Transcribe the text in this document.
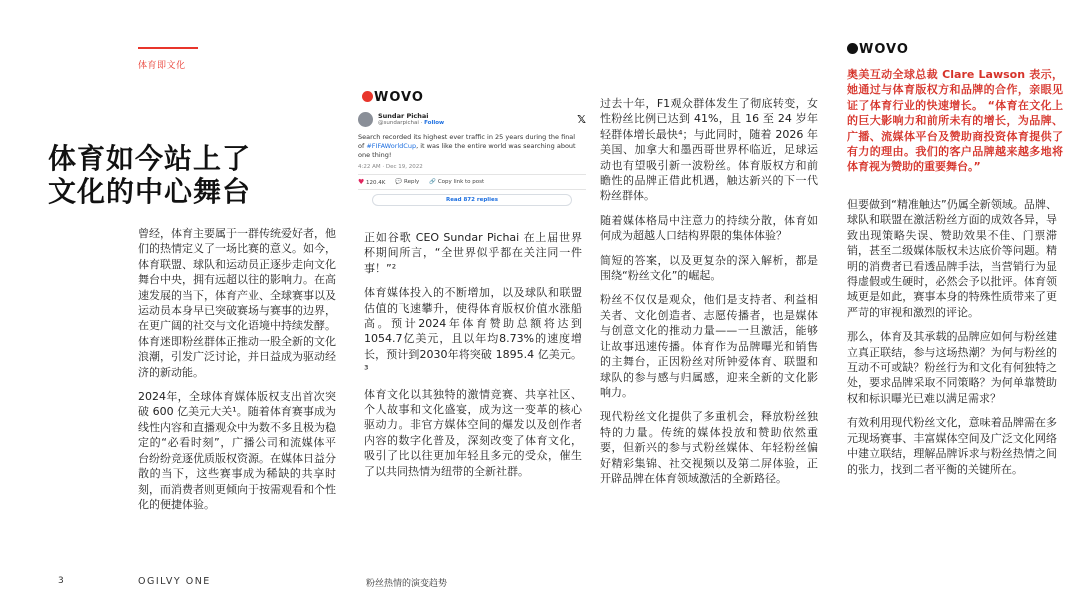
体育即文化
体育如今站上了
文化的中心舞台

曾经，体育主要属于一群传统爱好者，他们的热情定义了一场比赛的意义。如今，体育联盟、球队和运动员正逐步走向文化舞台中央，拥有远超以往的影响力。在高速发展的当下，体育产业、全球赛事以及运动员本身早已突破赛场与赛事的边界，在更广阔的社交与文化语境中持续发酵。体育迷即粉丝群体正推动一股全新的文化浪潮，引发广泛讨论，并日益成为驱动经济的新动能。

2024年，全球体育媒体版权支出首次突破 600 亿美元大关¹。随着体育赛事成为线性内容和直播观众中为数不多且极为稳定的“必看时刻”，广播公司和流媒体平台纷纷竞逐优质版权资源。在媒体日益分散的当下，这些赛事成为稀缺的共享时刻，而消费者则更倾向于按需观看和个性化的便捷体验。

WOVO
Sundar Pichai
@sundarpichai · Follow	𝕏
Search recorded its highest ever traffic in 25 years during the final of #FIFAWorldCup, it was like the entire world was searching about one thing!
4:22 AM · Dec 19, 2022
♥ 120.4K 💬 Reply 🔗 Copy link to post
Read 872 replies

正如谷歌 CEO Sundar Pichai 在上届世界杯期间所言，“全世界似乎都在关注同一件事！”²

体育媒体投入的不断增加，以及球队和联盟估值的飞速攀升，使得体育版权价值水涨船高。预计2024年体育赞助总额将达到1054.7亿美元，且以年均8.73%的速度增长，预计到2030年将突破 1895.4 亿美元。³

体育文化以其独特的激情竞赛、共享社区、个人故事和文化盛宴，成为这一变革的核心驱动力。非官方媒体空间的爆发以及创作者内容的数字化普及，深刻改变了体育文化，吸引了比以往更加年轻且多元的受众，催生了以共同热情为纽带的全新社群。

过去十年，F1观众群体发生了彻底转变，女性粉丝比例已达到 41%，且 16 至 24 岁年轻群体增长最快⁴；与此同时，随着 2026 年美国、加拿大和墨西哥世界杯临近，足球运动也有望吸引新一波粉丝。体育版权方和前瞻性的品牌正借此机遇，触达新兴的下一代粉丝群体。

随着媒体格局中注意力的持续分散，体育如何成为超越人口结构界限的集体体验？

简短的答案，以及更复杂的深入解析，都是围绕“粉丝文化”的崛起。

粉丝不仅仅是观众，他们是支持者、利益相关者、文化创造者、志愿传播者，也是媒体与创意文化的推动力量——一旦激活，能够让故事迅速传播。体育作为品牌曝光和销售的主舞台，正因粉丝对所钟爱体育、联盟和球队的参与感与归属感，迎来全新的文化影响力。

现代粉丝文化提供了多重机会，释放粉丝独特的力量。传统的媒体投放和赞助依然重要，但新兴的参与式粉丝媒体、年轻粉丝偏好精彩集锦、社交视频以及第二屏体验，正开辟品牌在体育领域激活的全新路径。

WOVO
奥美互动全球总裁 Clare Lawson 表示，她通过与体育版权方和品牌的合作，亲眼见证了体育行业的快速增长。 “体育在文化上的巨大影响力和前所未有的增长，为品牌、广播、流媒体平台及赞助商投资体育提供了有力的理由。我们的客户品牌越来越多地将体育视为赞助的重要舞台。”

但要做到“精准触达”仍属全新领域。品牌、球队和联盟在激活粉丝方面的成效各异，导致出现策略失误、赞助效果不佳、门票滞销，甚至二级媒体版权未达底价等问题。精明的消费者已看透品牌手法，当营销行为显得虚假或生硬时，必然会予以批评。体育领域更是如此，赛事本身的特殊性质带来了更严苛的审视和激烈的评论。

那么，体育及其承载的品牌应如何与粉丝建立真正联结，参与这场热潮？为何与粉丝的互动不可或缺？粉丝行为和文化有何独特之处，要求品牌采取不同策略？为何单靠赞助权和标识曝光已难以满足需求？

有效利用现代粉丝文化，意味着品牌需在多元现场赛事、丰富媒体空间及广泛文化网络中建立联结，理解品牌诉求与粉丝热情之间的张力，找到二者平衡的关键所在。

3	OGILVY ONE	粉丝热情的演变趋势
